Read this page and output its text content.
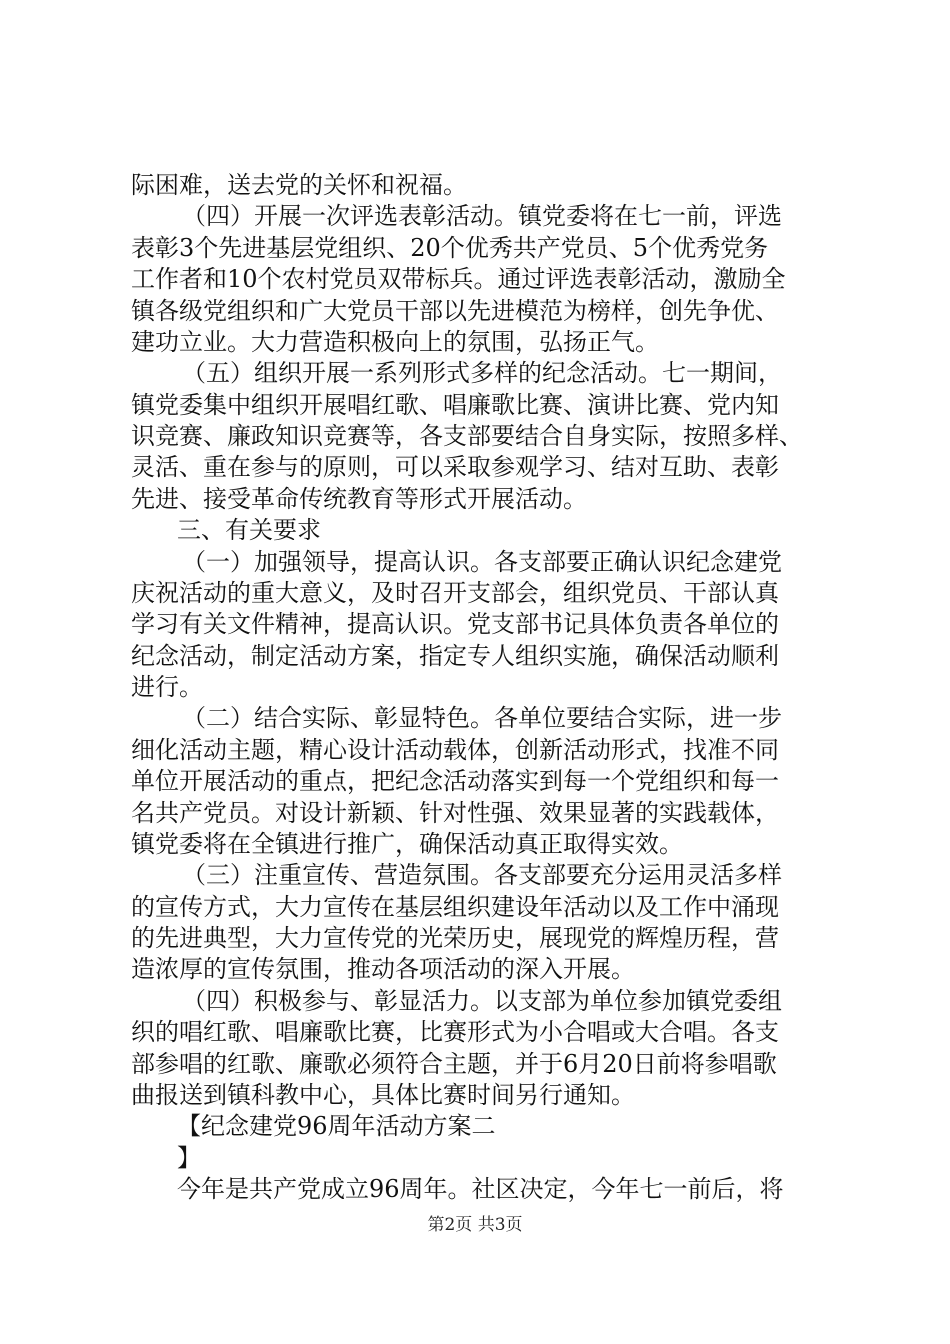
际困难，送去党的关怀和祝福。
（四）开展一次评选表彰活动。镇党委将在七一前，评选
表彰3个先进基层党组织、20个优秀共产党员、5个优秀党务
工作者和10个农村党员双带标兵。通过评选表彰活动，激励全
镇各级党组织和广大党员干部以先进模范为榜样，创先争优、
建功立业。大力营造积极向上的氛围，弘扬正气。
（五）组织开展一系列形式多样的纪念活动。七一期间，
镇党委集中组织开展唱红歌、唱廉歌比赛、演讲比赛、党内知
识竞赛、廉政知识竞赛等，各支部要结合自身实际，按照多样、
灵活、重在参与的原则，可以采取参观学习、结对互助、表彰
先进、接受革命传统教育等形式开展活动。
三、有关要求
（一）加强领导，提高认识。各支部要正确认识纪念建党
庆祝活动的重大意义，及时召开支部会，组织党员、干部认真
学习有关文件精神，提高认识。党支部书记具体负责各单位的
纪念活动，制定活动方案，指定专人组织实施，确保活动顺利
进行。
（二）结合实际、彰显特色。各单位要结合实际，进一步
细化活动主题，精心设计活动载体，创新活动形式，找准不同
单位开展活动的重点，把纪念活动落实到每一个党组织和每一
名共产党员。对设计新颖、针对性强、效果显著的实践载体，
镇党委将在全镇进行推广，确保活动真正取得实效。
（三）注重宣传、营造氛围。各支部要充分运用灵活多样
的宣传方式，大力宣传在基层组织建设年活动以及工作中涌现
的先进典型，大力宣传党的光荣历史，展现党的辉煌历程，营
造浓厚的宣传氛围，推动各项活动的深入开展。
（四）积极参与、彰显活力。以支部为单位参加镇党委组
织的唱红歌、唱廉歌比赛，比赛形式为小合唱或大合唱。各支
部参唱的红歌、廉歌必须符合主题，并于6月20日前将参唱歌
曲报送到镇科教中心，具体比赛时间另行通知。
【纪念建党96周年活动方案二
】
今年是共产党成立96周年。社区决定，今年七一前后，将
第2页 共3页
